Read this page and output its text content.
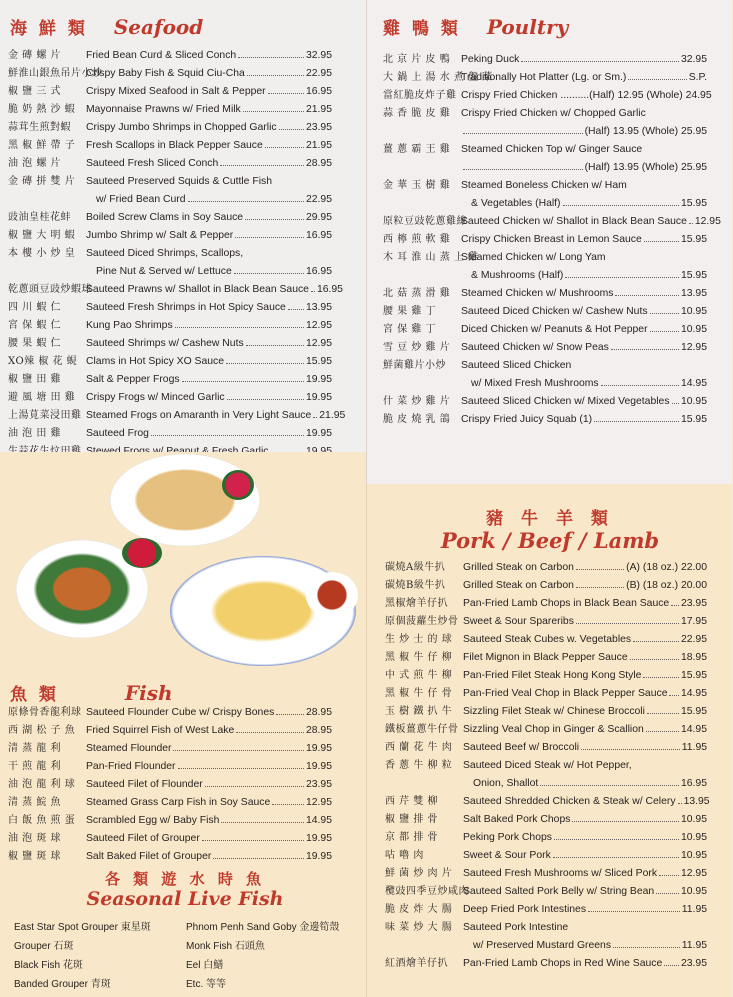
海 鮮 類 Seafood
金 磚 螺 片	Fried Bean Curd & Sliced Conch	32.95
鮮淮山銀魚吊片小炒
Crispy Baby Fish & Squid Ciu-Cha	22.95
椒 鹽 三 式	Crispy Mixed Seafood in Salt & Pepper	16.95
脆 奶 熱 沙 蝦	Mayonnaise Prawns w/ Fried Milk	21.95
蒜茸生煎對蝦	Crispy Jumbo Shrimps in Chopped Garlic	23.95
黑 椒 鮮 帶 子	Fresh Scallops in Black Pepper Sauce	21.95
油 泡 螺 片	Sauteed Fresh Sliced Conch	28.95
金 磚 拼 雙 片	Sauteed Preserved Squids & Cuttle Fish
w/ Fried Bean Curd	22.95
豉油皇桂花蚌	Boiled Screw Clams in Soy Sauce	29.95
椒 鹽 大 明 蝦	Jumbo Shrimp w/ Salt & Pepper	16.95
本 樓 小 炒 皇	Sauteed Diced Shrimps, Scallops,
Pine Nut & Served w/ Lettuce	16.95
乾蔥頭豆豉炒蝦球
Sauteed Prawns w/ Shallot in Black Bean Sauce 16.95
四 川 蝦 仁	Sauteed Fresh Shrimps in Hot Spicy Sauce 13.95
宮 保 蝦 仁	Kung Pao Shrimps	12.95
腰 果 蝦 仁	Sauteed Shrimps w/ Cashew Nuts	12.95
XO辣 椒 花 蜆 Clams in Hot Spicy XO Sauce	15.95
椒 鹽 田 雞	Salt & Pepper Frogs	19.95
避 風 塘 田 雞	Crispy Frogs w/ Minced Garlic	19.95
上湯莧菜浸田雞 Steamed Frogs on Amaranth in Very Light Sauce 21.95
油 泡 田 雞	Sauteed Frog	19.95
雞 鴨 類 Poultry
北 京 片 皮 鴨	Peking Duck	32.95
大 鍋 上 湯 水 煮 盤 菜
Traditionally Hot Platter (Lg. or Sm.)	S.P.
當紅脆皮炸子雞 Crispy Fried Chicken ..........(Half) 12.95 (Whole) 24.95
蒜 香 脆 皮 雞	Crispy Fried Chicken w/ Chopped Garlic
(Half) 13.95 (Whole) 25.95
薑 蔥 霸 王 雞	Steamed Chicken Top w/ Ginger Sauce
(Half) 13.95 (Whole) 25.95
金 華 玉 樹 雞	Steamed Boneless Chicken w/ Ham
& Vegetables (Half)	15.95
原粒豆豉乾蔥雞線
Sauteed Chicken w/ Shallot in Black Bean Sauce 12.95
西 檸 煎 軟 雞	Crispy Chicken Breast in Lemon Sauce	15.95
木 耳 淮 山 蒸 上 雞
Steamed Chicken w/ Long Yam
& Mushrooms (Half)	15.95
北 菇 蒸 滑 雞	Steamed Chicken w/ Mushrooms	13.95
腰 果 雞 丁	Sauteed Diced Chicken w/ Cashew Nuts	10.95
宮 保 雞 丁	Diced Chicken w/ Peanuts & Hot Pepper	10.95
雪 豆 炒 雞 片	Sauteed Chicken w/ Snow Peas	12.95
鮮菌雞片小炒	Sauteed Sliced Chicken
w/ Mixed Fresh Mushrooms	14.95
什 菜 炒 雞 片	Sauteed Sliced Chicken w/ Mixed Vegetables 10.95
脆 皮 燒 乳 鴿	Crispy Fried Juicy Squab (1)	15.95
魚 類	Fish
原條骨香龍利球 Sauteed Flounder Cube w/ Crispy Bones	28.95
西 湖 松 子 魚	Fried Squirrel Fish of West Lake	28.95
清 蒸 龍 利	Steamed Flounder	19.95
干 煎 龍 利	Pan-Fried Flounder	19.95
油 泡 龍 利 球	Sauteed Filet of Flounder	23.95
清 蒸 鯇 魚	Steamed Grass Carp Fish in Soy Sauce	12.95
白 飯 魚 煎 蛋	Scrambled Egg w/ Baby Fish	14.95
油 泡 斑 球	Sauteed Filet of Grouper	19.95
椒 鹽 斑 球	Salt Baked Filet of Grouper	19.95
各 類 遊 水 時 魚
Seasonal Live Fish
East Star Spot Grouper 東星斑
Grouper 石斑
Black Fish 花斑
Banded Grouper 青斑
Phnom Penh Sand Goby 金邊筍殼
Monk Fish 石頭魚
Eel 白鱔
Etc. 等等
豬 牛 羊 類
Pork / Beef / Lamb
碳燒A級牛扒	Grilled Steak on Carbon	(A) (18 oz.) 22.00
碳燒B級牛扒	Grilled Steak on Carbon	(B) (18 oz.) 20.00
黑椒燴羊仔扒	Pan-Fried Lamb Chops in Black Bean Sauce 23.95
原個菠蘿生炒骨 Sweet & Sour Spareribs	17.95
生 炒 士 的 球	Sauteed Steak Cubes w. Vegetables	22.95
黑 椒 牛 仔 柳	Filet Mignon in Black Pepper Sauce	18.95
中 式 煎 牛 柳	Pan-Fried Filet Steak Hong Kong Style	15.95
黑 椒 牛 仔 骨	Pan-Fried Veal Chop in Black Pepper Sauce 14.95
玉 樹 鐵 扒 牛	Sizzling Filet Steak w/ Chinese Broccoli	15.95
鐵板薑蔥牛仔骨 Sizzling Veal Chop in Ginger & Scallion	14.95
西 蘭 花 牛 肉	Sauteed Beef w/ Broccoli	11.95
香 蔥 牛 柳 粒	Sauteed Diced Steak w/ Hot Pepper,
Onion, Shallot	16.95
西 芹 雙 柳	Sauteed Shredded Chicken & Steak w/ Celery 13.95
椒 鹽 排 骨	Salt Baked Pork Chops	10.95
京 都 排 骨	Peking Pork Chops	10.95
咕 嚕 肉	Sweet & Sour Pork	10.95
鮮 菌 炒 肉 片	Sauteed Fresh Mushrooms w/ Sliced Pork 12.95
欖豉四季豆炒咸肉
Sauteed Salted Pork Belly w/ String Bean	10.95
脆 皮 炸 大 腸	Deep Fried Pork Intestines	11.95
味 菜 炒 大 腸	Sauteed Pork Intestine
w/ Preserved Mustard Greens	11.95
紅酒燴羊仔扒	Pan-Fried Lamb Chops in Red Wine Sauce 23.95
